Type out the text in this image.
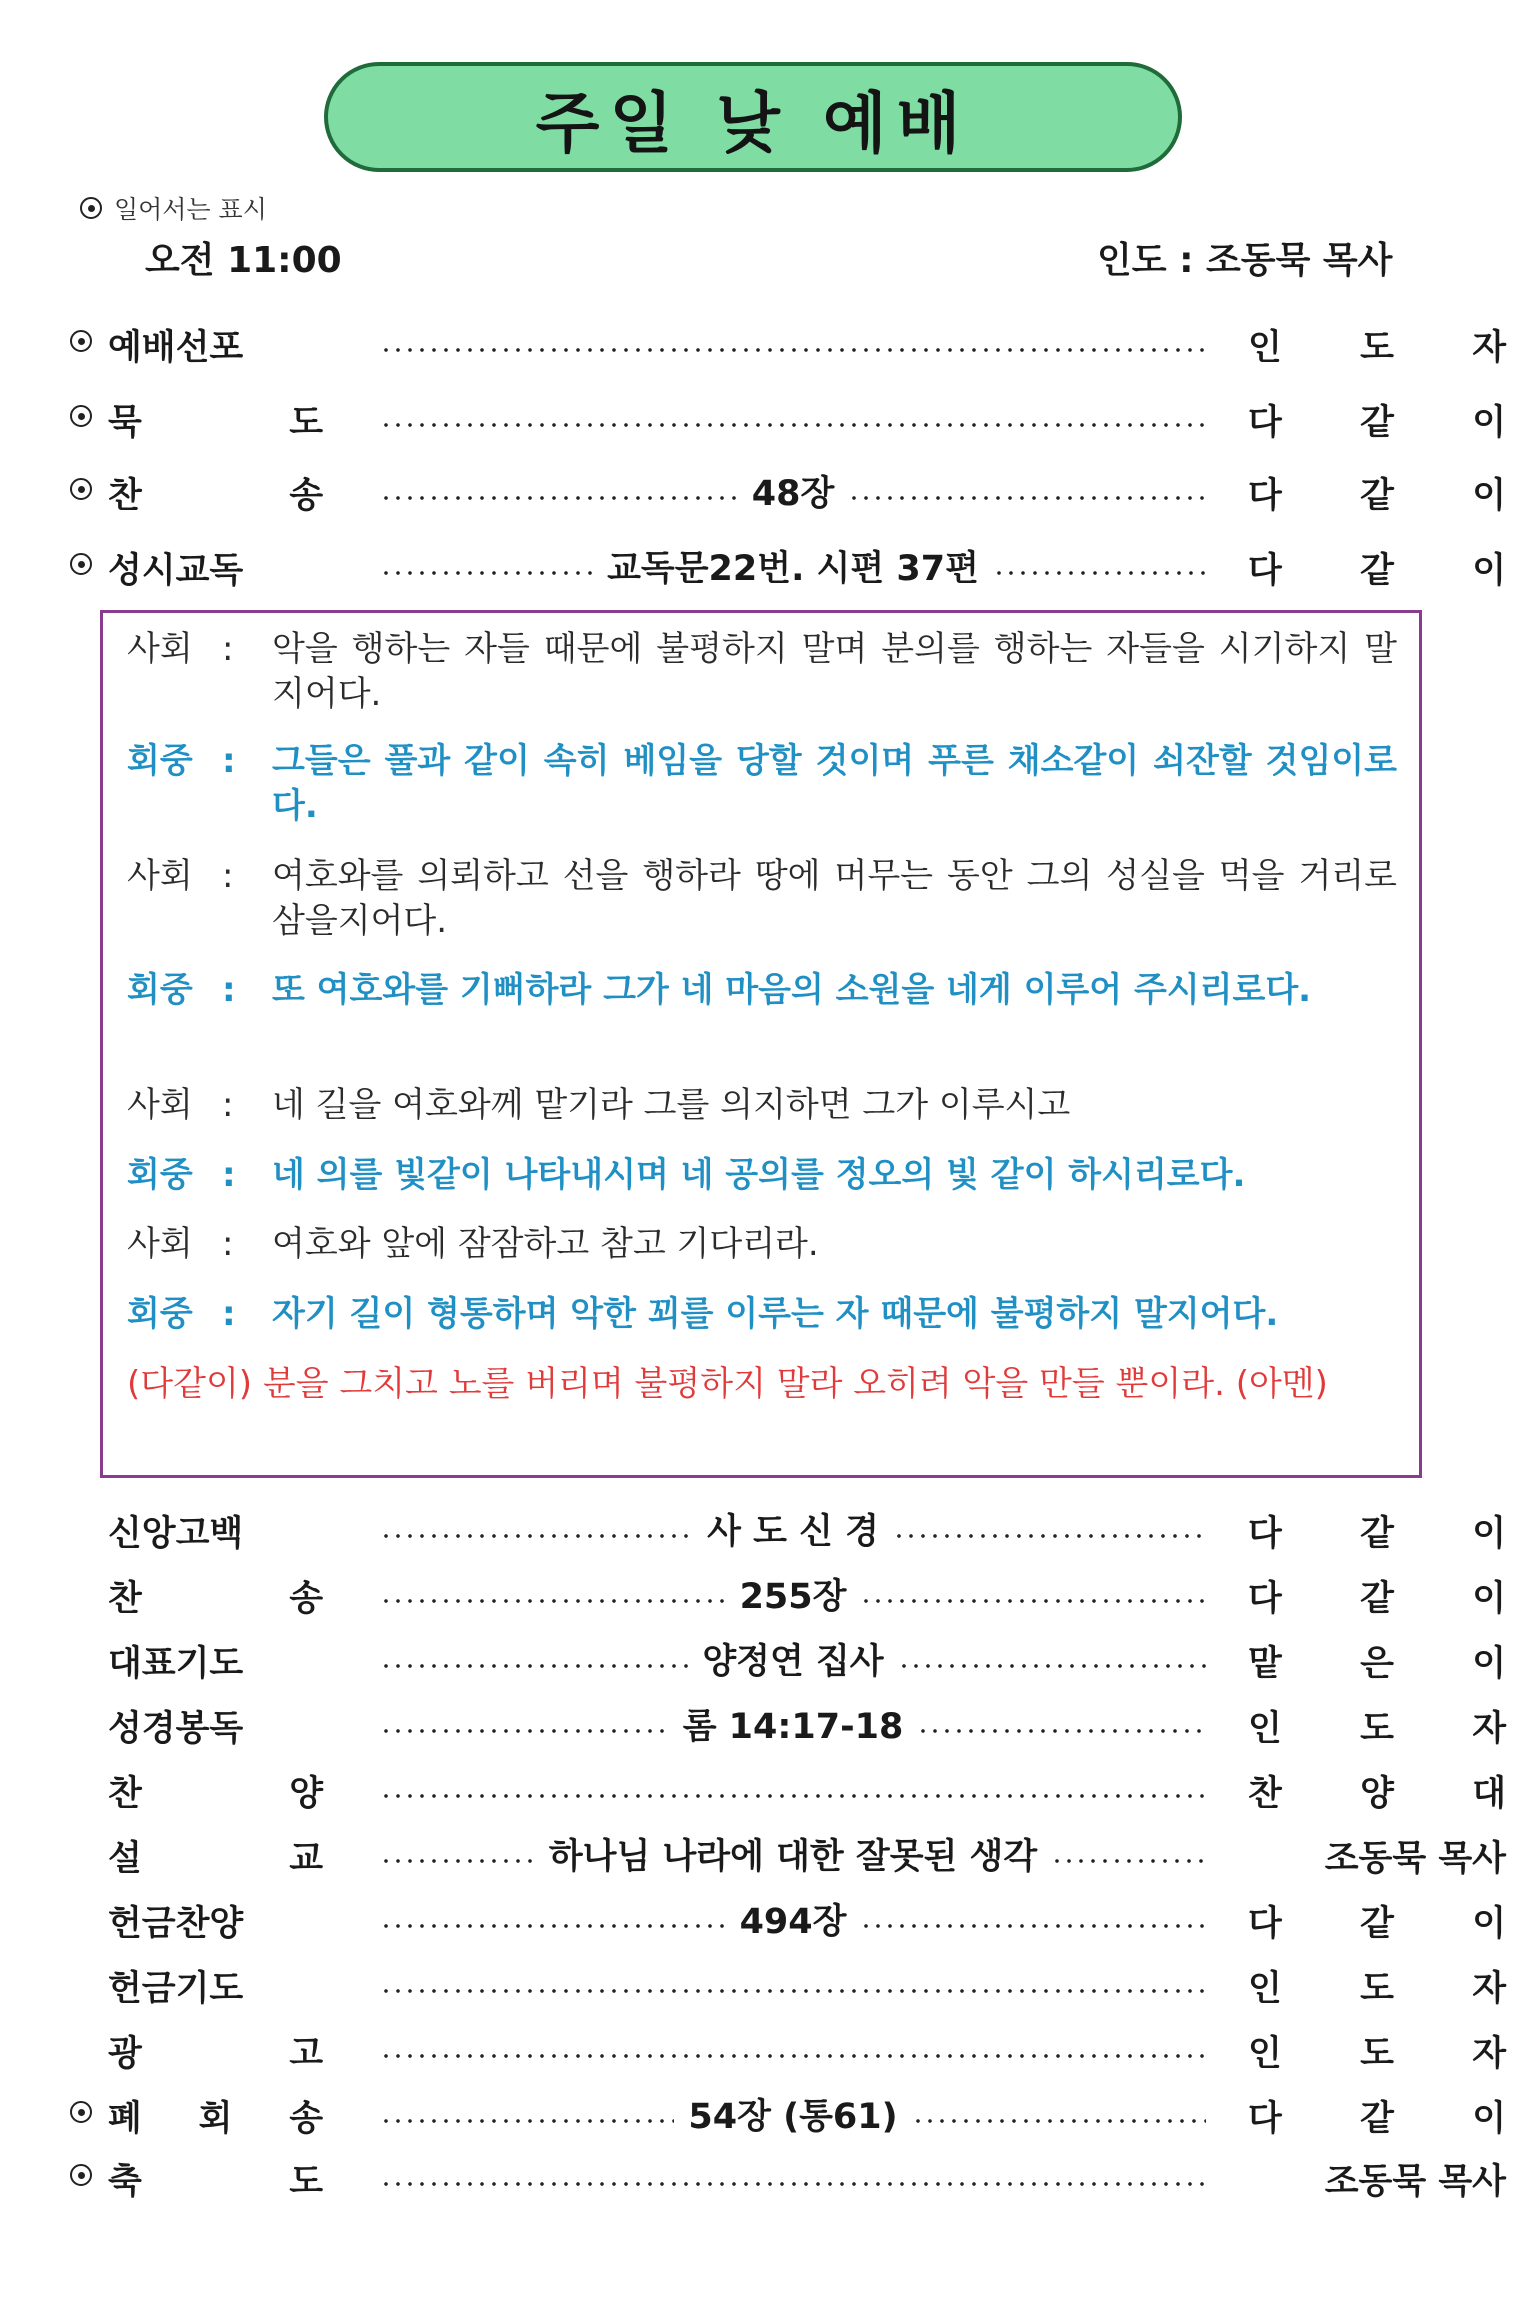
주일 낮 예배
일어서는 표시
오전 11:00	인도 : 조동묵 목사
예배선포	인 도 자
묵	도	다 같 이
찬	송	48장	다 같 이
성시교독	교독문22번. 시편 37편	다 같 이
사회 : 악을 행하는 자들 때문에 불평하지 말며 분의를 행하는 자들을 시기하지 말지어다.
회중 : 그들은 풀과 같이 속히 베임을 당할 것이며 푸른 채소같이 쇠잔할 것임이로다.
사회 : 여호와를 의뢰하고 선을 행하라 땅에 머무는 동안 그의 성실을 먹을 거리로 삼을지어다.
회중 : 또 여호와를 기뻐하라 그가 네 마음의 소원을 네게 이루어 주시리로다.
사회 : 네 길을 여호와께 맡기라 그를 의지하면 그가 이루시고
회중 : 네 의를 빛같이 나타내시며 네 공의를 정오의 빛 같이 하시리로다.
사회 : 여호와 앞에 잠잠하고 참고 기다리라.
회중 : 자기 길이 형통하며 악한 꾀를 이루는 자 때문에 불평하지 말지어다.
(다같이) 분을 그치고 노를 버리며 불평하지 말라 오히려 악을 만들 뿐이라. (아멘)
신앙고백	사 도 신 경	다 같 이
찬	송	255장	다 같 이
대표기도	양정연 집사	맡 은 이
성경봉독	롬 14:17-18	인 도 자
찬	양	찬 양 대
설	교	하나님 나라에 대한 잘못된 생각	조동묵 목사
헌금찬양	494장	다 같 이
헌금기도	인 도 자
광	고	인 도 자
폐 회 송	54장 (통61)	다 같 이
축	도	조동묵 목사
